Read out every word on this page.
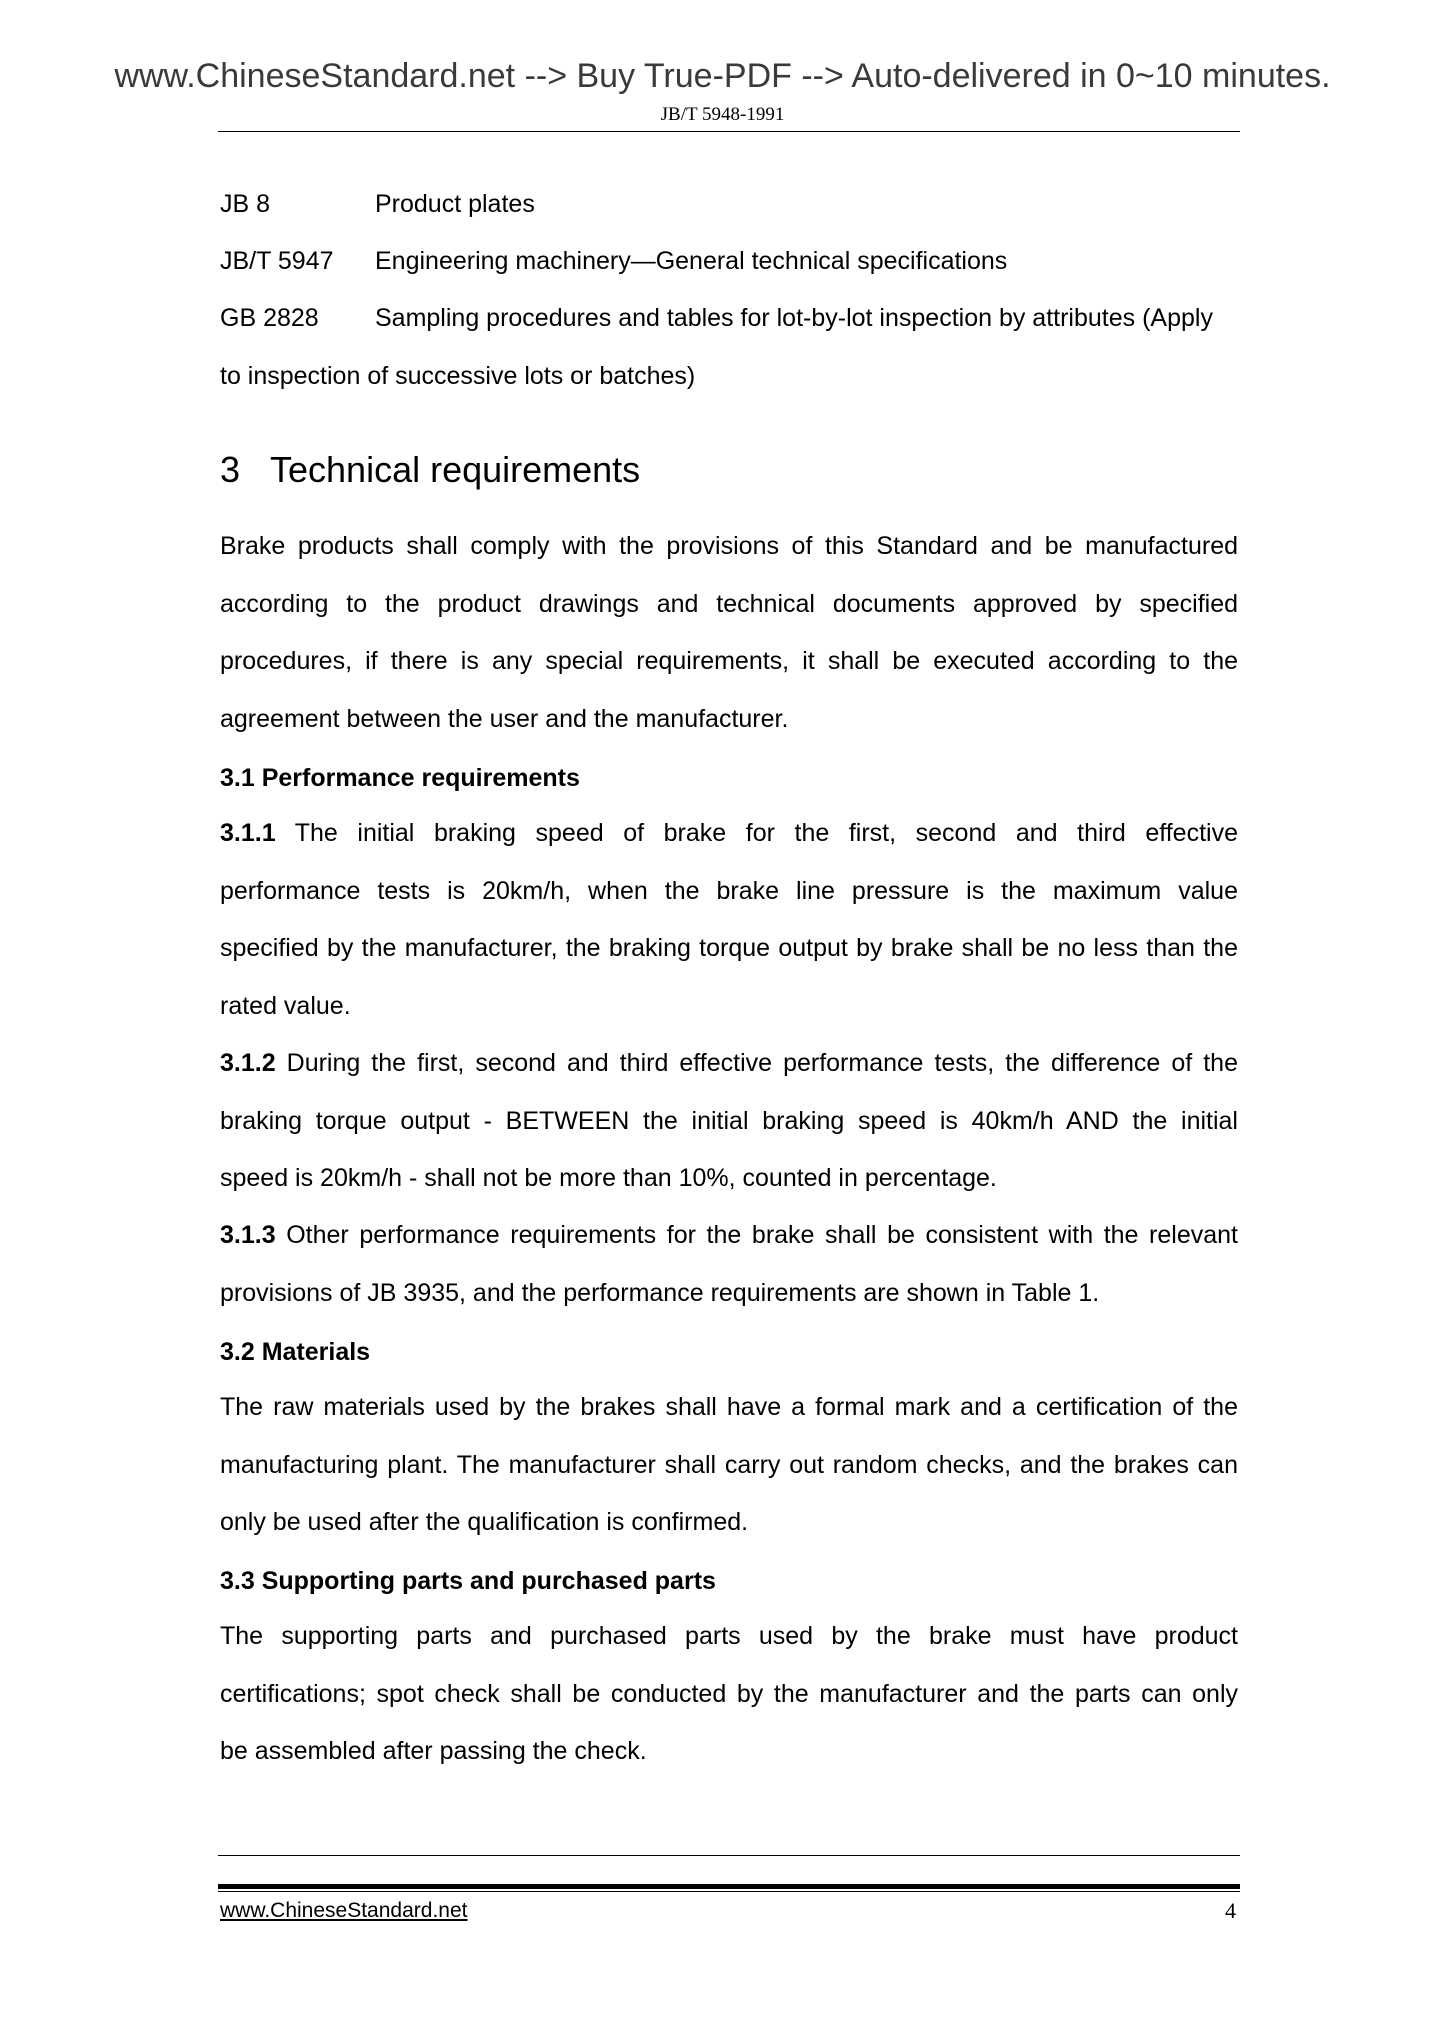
www.ChineseStandard.net --> Buy True-PDF --> Auto-delivered in 0~10 minutes.
JB/T 5948-1991
JB 8	Product plates
JB/T 5947 Engineering machinery—General technical specifications
GB 2828 Sampling procedures and tables for lot-by-lot inspection by attributes (Apply
to inspection of successive lots or batches)
3 Technical requirements
Brake products shall comply with the provisions of this Standard and be manufactured
according to the product drawings and technical documents approved by specified
procedures, if there is any special requirements, it shall be executed according to the
agreement between the user and the manufacturer.
3.1 Performance requirements
3.1.1 The initial braking speed of brake for the first, second and third effective
performance tests is 20km/h, when the brake line pressure is the maximum value
specified by the manufacturer, the braking torque output by brake shall be no less than the
rated value.
3.1.2 During the first, second and third effective performance tests, the difference of the
braking torque output - BETWEEN the initial braking speed is 40km/h AND the initial
speed is 20km/h - shall not be more than 10%, counted in percentage.
3.1.3 Other performance requirements for the brake shall be consistent with the relevant
provisions of JB 3935, and the performance requirements are shown in Table 1.
3.2 Materials
The raw materials used by the brakes shall have a formal mark and a certification of the
manufacturing plant. The manufacturer shall carry out random checks, and the brakes can
only be used after the qualification is confirmed.
3.3 Supporting parts and purchased parts
The supporting parts and purchased parts used by the brake must have product
certifications; spot check shall be conducted by the manufacturer and the parts can only
be assembled after passing the check.
www.ChineseStandard.net	4
